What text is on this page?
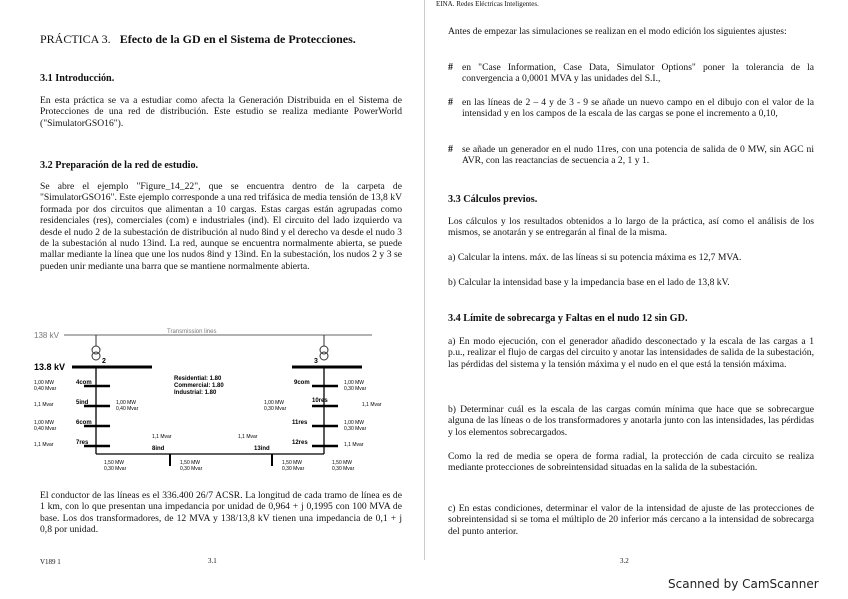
PRÁCTICA 3. Efecto de la GD en el Sistema de Protecciones.
3.1 Introducción.

En esta práctica se va a estudiar como afecta la Generación Distribuida en el Sistema de Protecciones de una red de distribución. Este estudio se realiza mediante PowerWorld ("SimulatorGSO16").

3.2 Preparación de la red de estudio.

Se abre el ejemplo "Figure_14_22", que se encuentra dentro de la carpeta de "SimulatorGSO16". Este ejemplo corresponde a una red trifásica de media tensión de 13,8 kV formada por dos circuitos que alimentan a 10 cargas. Estas cargas están agrupadas como residenciales (res), comerciales (com) e industriales (ind). El circuito del lado izquierdo va desde el nudo 2 de la subestación de distribución al nudo 8ind y el derecho va desde el nudo 3 de la subestación al nudo 13ind. La red, aunque se encuentra normalmente abierta, se puede mallar mediante la línea que une los nudos 8ind y 13ind. En la subestación, los nudos 2 y 3 se pueden unir mediante una barra que se mantiene normalmente abierta.

138 kV	Transmission lines
13.8 kV
2	3
4com
5ind
6com
7res
9com
10res
11res
12res
8ind	13ind
Residential: 1.80
Commercial: 1.80
Industrial: 1.80
1,00 MW
0,40 Mvar
1,1 Mvar
1,00 MW
0,40 Mvar
1,1 Mvar
1,00 MW
0,40 Mvar
1,00 MW
0,30 Mvar
1,1 Mvar
1,00 MW
0,30 Mvar
1,1 Mvar
1,00 MW
0,30 Mvar
1,50 MW
0,30 Mvar
1,50 MW
0,30 Mvar
1,50 MW
0,30 Mvar
1,50 MW
0,30 Mvar
1,1 Mvar	1,1 Mvar

El conductor de las líneas es el 336.400 26/7 ACSR. La longitud de cada tramo de línea es de 1 km, con lo que presentan una impedancia por unidad de 0,964 + j 0,1995 con 100 MVA de base. Los dos transformadores, de 12 MVA y 138/13,8 kV tienen una impedancia de 0,1 + j 0,8 por unidad.

V189 1	3.1
EINA. Redes Eléctricas Inteligentes.

Antes de empezar las simulaciones se realizan en el modo edición los siguientes ajustes:

# en "Case Information, Case Data, Simulator Options" poner la tolerancia de la convergencia a 0,0001 MVA y las unidades del S.I.,

# en las líneas de 2 – 4 y de 3 - 9 se añade un nuevo campo en el dibujo con el valor de la intensidad y en los campos de la escala de las cargas se pone el incremento a 0,10,

# se añade un generador en el nudo 11res, con una potencia de salida de 0 MW, sin AGC ni AVR, con las reactancias de secuencia a 2, 1 y 1.

3.3 Cálculos previos.

Los cálculos y los resultados obtenidos a lo largo de la práctica, así como el análisis de los mismos, se anotarán y se entregarán al final de la misma.

a) Calcular la intens. máx. de las líneas si su potencia máxima es 12,7 MVA.

b) Calcular la intensidad base y la impedancia base en el lado de 13,8 kV.

3.4 Límite de sobrecarga y Faltas en el nudo 12 sin GD.

a) En modo ejecución, con el generador añadido desconectado y la escala de las cargas a 1 p.u., realizar el flujo de cargas del circuito y anotar las intensidades de salida de la subestación, las pérdidas del sistema y la tensión máxima y el nudo en el que está la tensión máxima.

b) Determinar cuál es la escala de las cargas común mínima que hace que se sobrecargue alguna de las líneas o de los transformadores y anotarla junto con las intensidades, las pérdidas y los elementos sobrecargados.

Como la red de media se opera de forma radial, la protección de cada circuito se realiza mediante protecciones de sobreintensidad situadas en la salida de la subestación.

c) En estas condiciones, determinar el valor de la intensidad de ajuste de las protecciones de sobreintensidad si se toma el múltiplo de 20 inferior más cercano a la intensidad de sobrecarga del punto anterior.

3.2
Scanned by CamScanner
